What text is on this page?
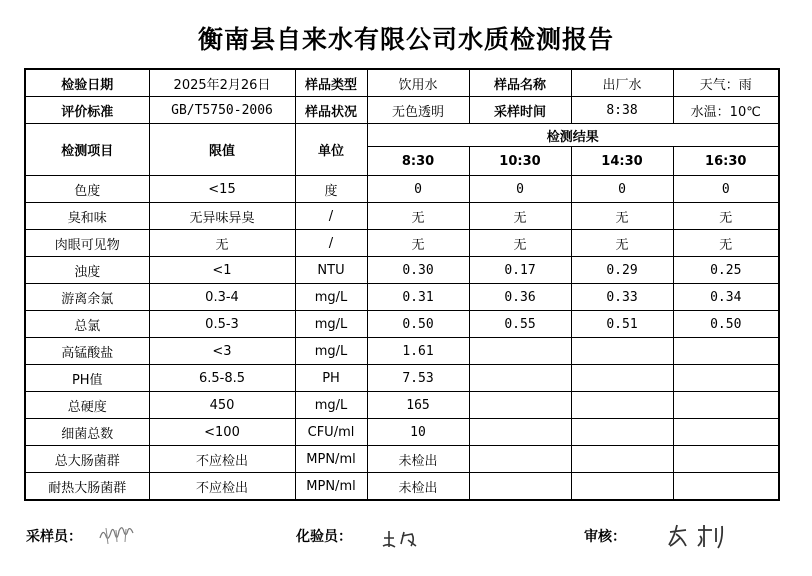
衡南县自来水有限公司水质检测报告
检验日期	2025年2月26日	样品类型	饮用水	样品名称	出厂水	天气：雨
评价标准	GB/T5750-2006	样品状况	无色透明	采样时间	8:38	水温：10℃
检测项目	限值	单位	检测结果			
			8:30	10:30	14:30	16:30
色度	<15	度	0	0	0	0
臭和味	无异味异臭	/	无	无	无	无
肉眼可见物	无	/	无	无	无	无
浊度	<1	NTU	0.30	0.17	0.29	0.25
游离余氯	0.3-4	mg/L	0.31	0.36	0.33	0.34
总氯	0.5-3	mg/L	0.50	0.55	0.51	0.50
高锰酸盐	<3	mg/L	1.61			
PH值	6.5-8.5	PH	7.53			
总硬度	450	mg/L	165			
细菌总数	<100	CFU/ml	10			
总大肠菌群	不应检出	MPN/ml	未检出			
耐热大肠菌群	不应检出	MPN/ml	未检出			
采样员：	化验员：	审核：
